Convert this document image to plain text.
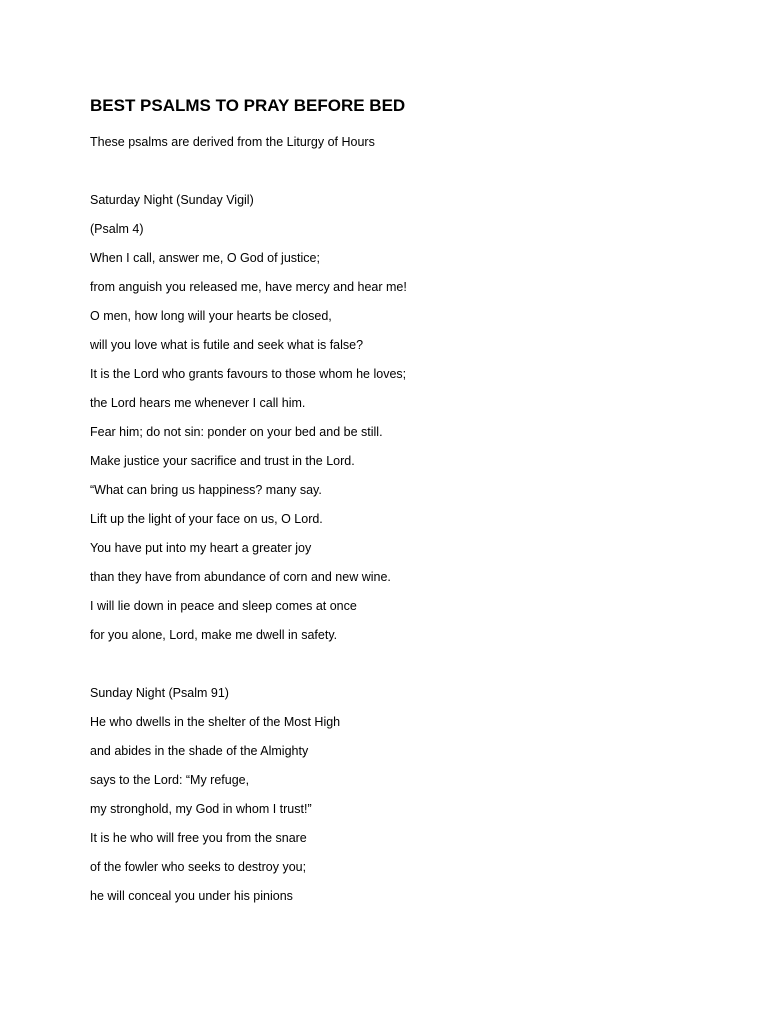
BEST PSALMS TO PRAY BEFORE BED
These psalms are derived from the Liturgy of Hours
Saturday Night (Sunday Vigil)
(Psalm 4)
When I call, answer me, O God of justice;
from anguish you released me, have mercy and hear me!
O men, how long will your hearts be closed,
will you love what is futile and seek what is false?
It is the Lord who grants favours to those whom he loves;
the Lord hears me whenever I call him.
Fear him; do not sin: ponder on your bed and be still.
Make justice your sacrifice and trust in the Lord.
“What can bring us happiness? many say.
Lift up the light of your face on us, O Lord.
You have put into my heart a greater joy
than they have from abundance of corn and new wine.
I will lie down in peace and sleep comes at once
for you alone, Lord, make me dwell in safety.
Sunday Night (Psalm 91)
He who dwells in the shelter of the Most High
and abides in the shade of the Almighty
says to the Lord: “My refuge,
my stronghold, my God in whom I trust!”
It is he who will free you from the snare
of the fowler who seeks to destroy you;
he will conceal you under his pinions
